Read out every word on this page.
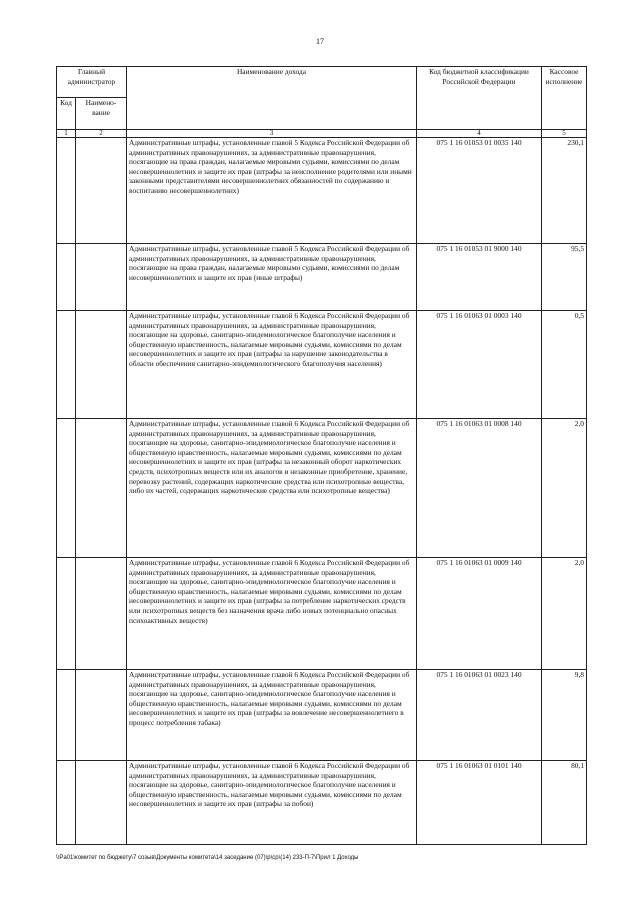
17
Главный администратор		Наименование дохода	Код бюджетной классификации Российской Федерации	Кассовое исполнение
Код	Наимено-вание			
1	2	3	4	5
		Административные штрафы, установленные главой 5 Кодекса Российской Федерации об административных правонарушениях, за административные правонарушения, посягающие на права граждан, налагаемые мировыми судьями, комиссиями по делам несовершеннолетних и защите их прав (штрафы за неисполнение родителями или иными законными представителями несовершеннолетних обязанностей по содержанию и воспитанию несовершеннолетних)	075 1 16 01053 01 0035 140	230,1
		Административные штрафы, установленные главой 5 Кодекса Российской Федерации об административных правонарушениях, за административные правонарушения, посягающие на права граждан, налагаемые мировыми судьями, комиссиями по делам несовершеннолетних и защите их прав (иные штрафы)	075 1 16 01053 01 9000 140	95,5
		Административные штрафы, установленные главой 6 Кодекса Российской Федерации об административных правонарушениях, за административные правонарушения, посягающие на здоровье, санитарно-эпидемиологическое благополучие населения и общественную нравственность, налагаемые мировыми судьями, комиссиями по делам несовершеннолетних и защите их прав (штрафы за нарушение законодательства в области обеспечения санитарно-эпидемиологического благополучия населения)	075 1 16 01063 01 0003 140	0,5
		Административные штрафы, установленные главой 6 Кодекса Российской Федерации об административных правонарушениях, за административные правонарушения, посягающие на здоровье, санитарно-эпидемиологическое благополучие населения и общественную нравственность, налагаемые мировыми судьями, комиссиями по делам несовершеннолетних и защите их прав (штрафы за незаконный оборот наркотических средств, психотропных веществ или их аналогов и незаконные приобретение, хранение, перевозку растений, содержащих наркотические средства или психотропные вещества, либо их частей, содержащих наркотические средства или психотропные вещества)	075 1 16 01063 01 0008 140	2,0
		Административные штрафы, установленные главой 6 Кодекса Российской Федерации об административных правонарушениях, за административные правонарушения, посягающие на здоровье, санитарно-эпидемиологическое благополучие населения и общественную нравственность, налагаемые мировыми судьями, комиссиями по делам несовершеннолетних и защите их прав (штрафы за потребление наркотических средств или психотропных веществ без назначения врача либо новых потенциально опасных психоактивных веществ)	075 1 16 01063 01 0009 140	2,0
		Административные штрафы, установленные главой 6 Кодекса Российской Федерации об административных правонарушениях, за административные правонарушения, посягающие на здоровье, санитарно-эпидемиологическое благополучие населения и общественную нравственность, налагаемые мировыми судьями, комиссиями по делам несовершеннолетних и защите их прав (штрафы за вовлечение несовершеннолетнего в процесс потребления табака)	075 1 16 01063 01 0023 140	9,8
		Административные штрафы, установленные главой 6 Кодекса Российской Федерации об административных правонарушениях, за административные правонарушения, посягающие на здоровье, санитарно-эпидемиологическое благополучие населения и общественную нравственность, налагаемые мировыми судьями, комиссиями по делам несовершеннолетних и защите их прав (штрафы за побои)	075 1 16 01063 01 0101 140	80,1
\\Pa01\комитет по бюджету\7 созыв\Документы комитета\14 заседание (07)\р\ср\(14) 233-П-7\Прил 1 Доходы
